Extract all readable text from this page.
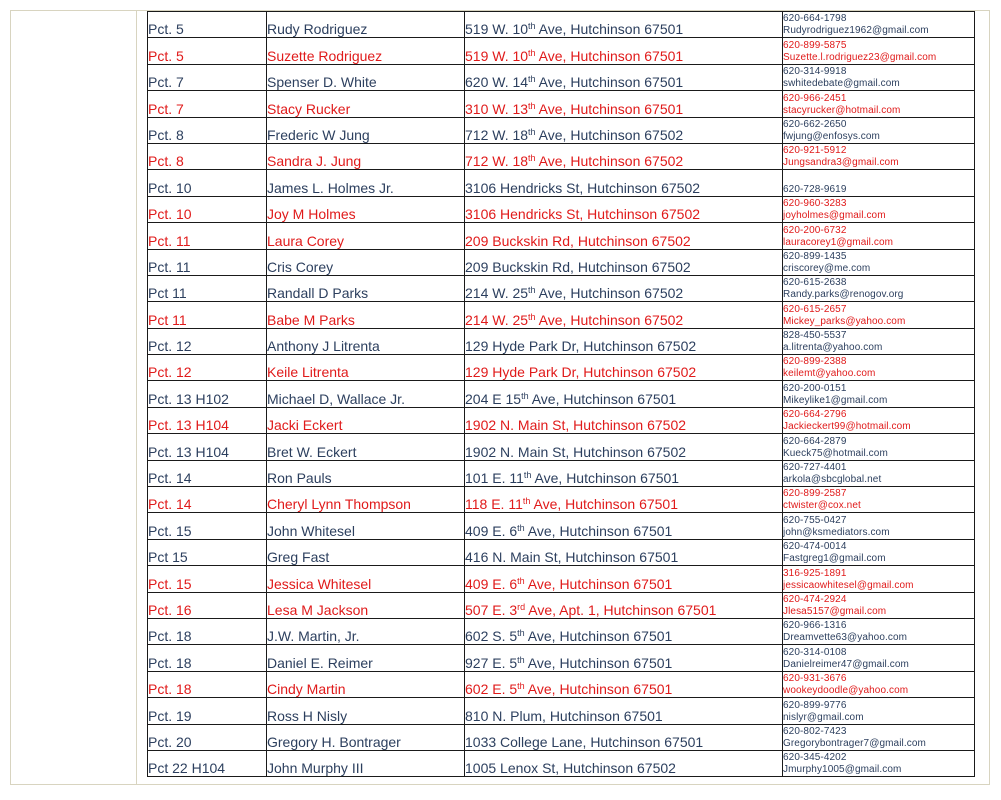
Pct. 5	Rudy Rodriguez	519 W. 10th Ave, Hutchinson 67501	620-664-1798
Rudyrodriguez1962@gmail.com

Pct. 5	Suzette Rodriguez	519 W. 10th Ave, Hutchinson 67501	620-899-5875
Suzette.l.rodriguez23@gmail.com

Pct. 7	Spenser D. White	620 W. 14th Ave, Hutchinson 67501	620-314-9918
swhitedebate@gmail.com

Pct. 7	Stacy Rucker	310 W. 13th Ave, Hutchinson 67501	620-966-2451
stacyrucker@hotmail.com

Pct. 8	Frederic W Jung	712 W. 18th Ave, Hutchinson 67502	620-662-2650
fwjung@enfosys.com

Pct. 8	Sandra J. Jung	712 W. 18th Ave, Hutchinson 67502	620-921-5912
Jungsandra3@gmail.com

Pct. 10	James L. Holmes Jr.	3106 Hendricks St, Hutchinson 67502	620-728-9619

Pct. 10	Joy M Holmes	3106 Hendricks St, Hutchinson 67502	620-960-3283
joyholmes@gmail.com

Pct. 11	Laura Corey	209 Buckskin Rd, Hutchinson 67502	620-200-6732
lauracorey1@gmail.com

Pct. 11	Cris Corey	209 Buckskin Rd, Hutchinson 67502	620-899-1435
criscorey@me.com

Pct 11	Randall D Parks	214 W. 25th Ave, Hutchinson 67502	620-615-2638
Randy.parks@renogov.org

Pct 11	Babe M Parks	214 W. 25th Ave, Hutchinson 67502	620-615-2657
Mickey_parks@yahoo.com

Pct. 12	Anthony J Litrenta	129 Hyde Park Dr, Hutchinson 67502	828-450-5537
a.litrenta@yahoo.com

Pct. 12	Keile Litrenta	129 Hyde Park Dr, Hutchinson 67502	620-899-2388
keilemt@yahoo.com

Pct. 13 H102	Michael D, Wallace Jr.	204 E 15th Ave, Hutchinson 67501	620-200-0151
Mikeylike1@gmail.com

Pct. 13 H104	Jacki Eckert	1902 N. Main St, Hutchinson 67502	620-664-2796
Jackieckert99@hotmail.com

Pct. 13 H104	Bret W. Eckert	1902 N. Main St, Hutchinson 67502	620-664-2879
Kueck75@hotmail.com

Pct. 14	Ron Pauls	101 E. 11th Ave, Hutchinson 67501	620-727-4401
arkola@sbcglobal.net

Pct. 14	Cheryl Lynn Thompson	118 E. 11th Ave, Hutchinson 67501	620-899-2587
ctwister@cox.net

Pct. 15	John Whitesel	409 E. 6th Ave, Hutchinson 67501	620-755-0427
john@ksmediators.com

Pct 15	Greg Fast	416 N. Main St, Hutchinson 67501	620-474-0014
Fastgreg1@gmail.com

Pct. 15	Jessica Whitesel	409 E. 6th Ave, Hutchinson 67501	316-925-1891
jessicaowhitesel@gmail.com

Pct. 16	Lesa M Jackson	507 E. 3rd Ave, Apt. 1, Hutchinson 67501	620-474-2924
Jlesa5157@gmail.com

Pct. 18	J.W. Martin, Jr.	602 S. 5th Ave, Hutchinson 67501	620-966-1316
Dreamvette63@yahoo.com

Pct. 18	Daniel E. Reimer	927 E. 5th Ave, Hutchinson 67501	620-314-0108
Danielreimer47@gmail.com

Pct. 18	Cindy Martin	602 E. 5th Ave, Hutchinson 67501	620-931-3676
wookeydoodle@yahoo.com

Pct. 19	Ross H Nisly	810 N. Plum, Hutchinson 67501	620-899-9776
nislyr@gmail.com

Pct. 20	Gregory H. Bontrager	1033 College Lane, Hutchinson 67501	620-802-7423
Gregorybontrager7@gmail.com

Pct 22 H104	John Murphy III	1005 Lenox St, Hutchinson 67502	620-345-4202
Jmurphy1005@gmail.com
